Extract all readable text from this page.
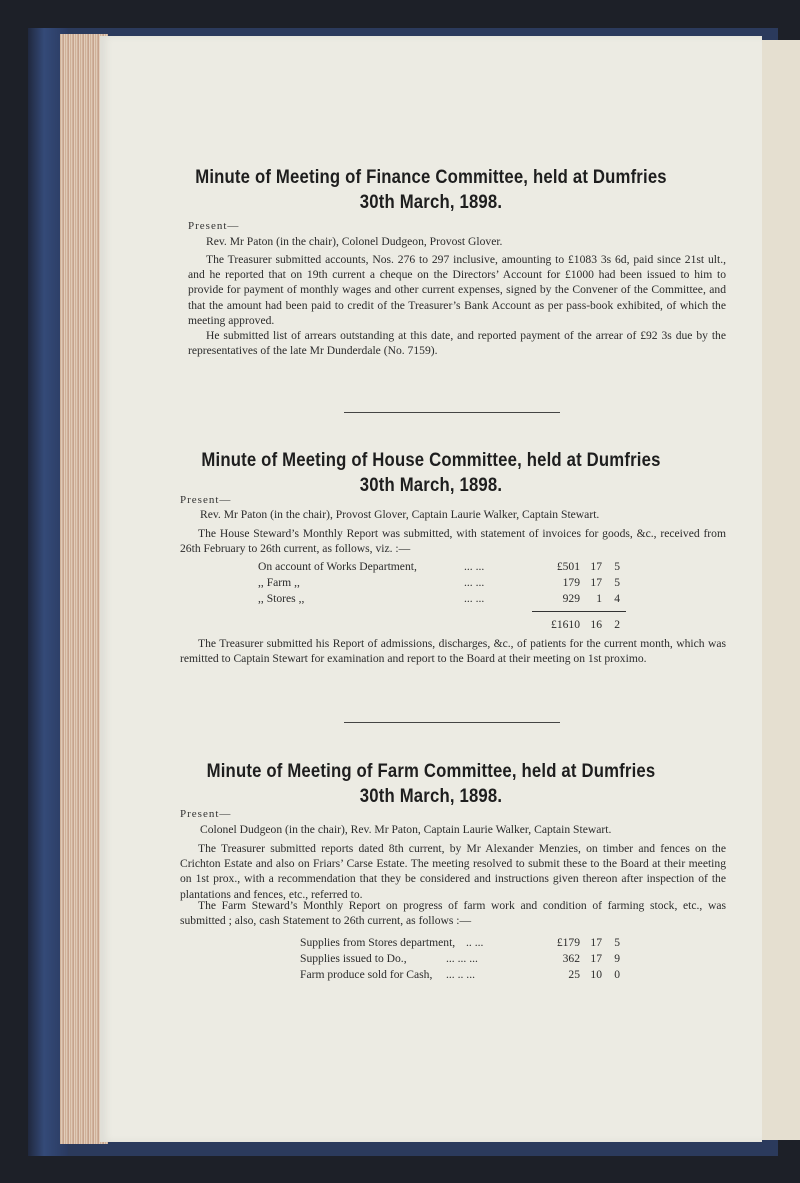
Minute of Meeting of Finance Committee, held at Dumfries
30th March, 1898.
Present—
Rev. Mr Paton (in the chair), Colonel Dudgeon, Provost Glover.
The Treasurer submitted accounts, Nos. 276 to 297 inclusive, amounting to £1083 3s 6d, paid since 21st ult., and he reported that on 19th current a cheque on the Directors’ Account for £1000 had been issued to him to provide for payment of monthly wages and other current expenses, signed by the Convener of the Committee, and that the amount had been paid to credit of the Treasurer’s Bank Account as per pass-book exhibited, of which the meeting approved.
He submitted list of arrears outstanding at this date, and reported payment of the arrear of £92 3s due by the representatives of the late Mr Dunderdale (No. 7159).
Minute of Meeting of House Committee, held at Dumfries
30th March, 1898.
Present—
Rev. Mr Paton (in the chair), Provost Glover, Captain Laurie Walker, Captain Stewart.
The House Steward’s Monthly Report was submitted, with statement of invoices for goods, &c., received from 26th February to 26th current, as follows, viz. :—
On account of Works Department,	... ...	£501 17	5
,, Farm ,,	... ...	179 17	5
,, Stores ,,	... ...	929	1	4
£1610 16	2
The Treasurer submitted his Report of admissions, discharges, &c., of patients for the current month, which was remitted to Captain Stewart for examination and report to the Board at their meeting on 1st proximo.
Minute of Meeting of Farm Committee, held at Dumfries
30th March, 1898.
Present—
Colonel Dudgeon (in the chair), Rev. Mr Paton, Captain Laurie Walker, Captain Stewart.
The Treasurer submitted reports dated 8th current, by Mr Alexander Menzies, on timber and fences on the Crichton Estate and also on Friars’ Carse Estate. The meeting resolved to submit these to the Board at their meeting on 1st prox., with a recommendation that they be considered and instructions given thereon after inspection of the plantations and fences, etc., referred to.
The Farm Steward’s Monthly Report on progress of farm work and condition of farming stock, etc., was submitted ; also, cash Statement to 26th current, as follows :—
Supplies from Stores department, .. ...	£179 17	5
Supplies issued to Do.,	... ... ...	362 17	9
Farm produce sold for Cash, ... .. ...	25 10	0
